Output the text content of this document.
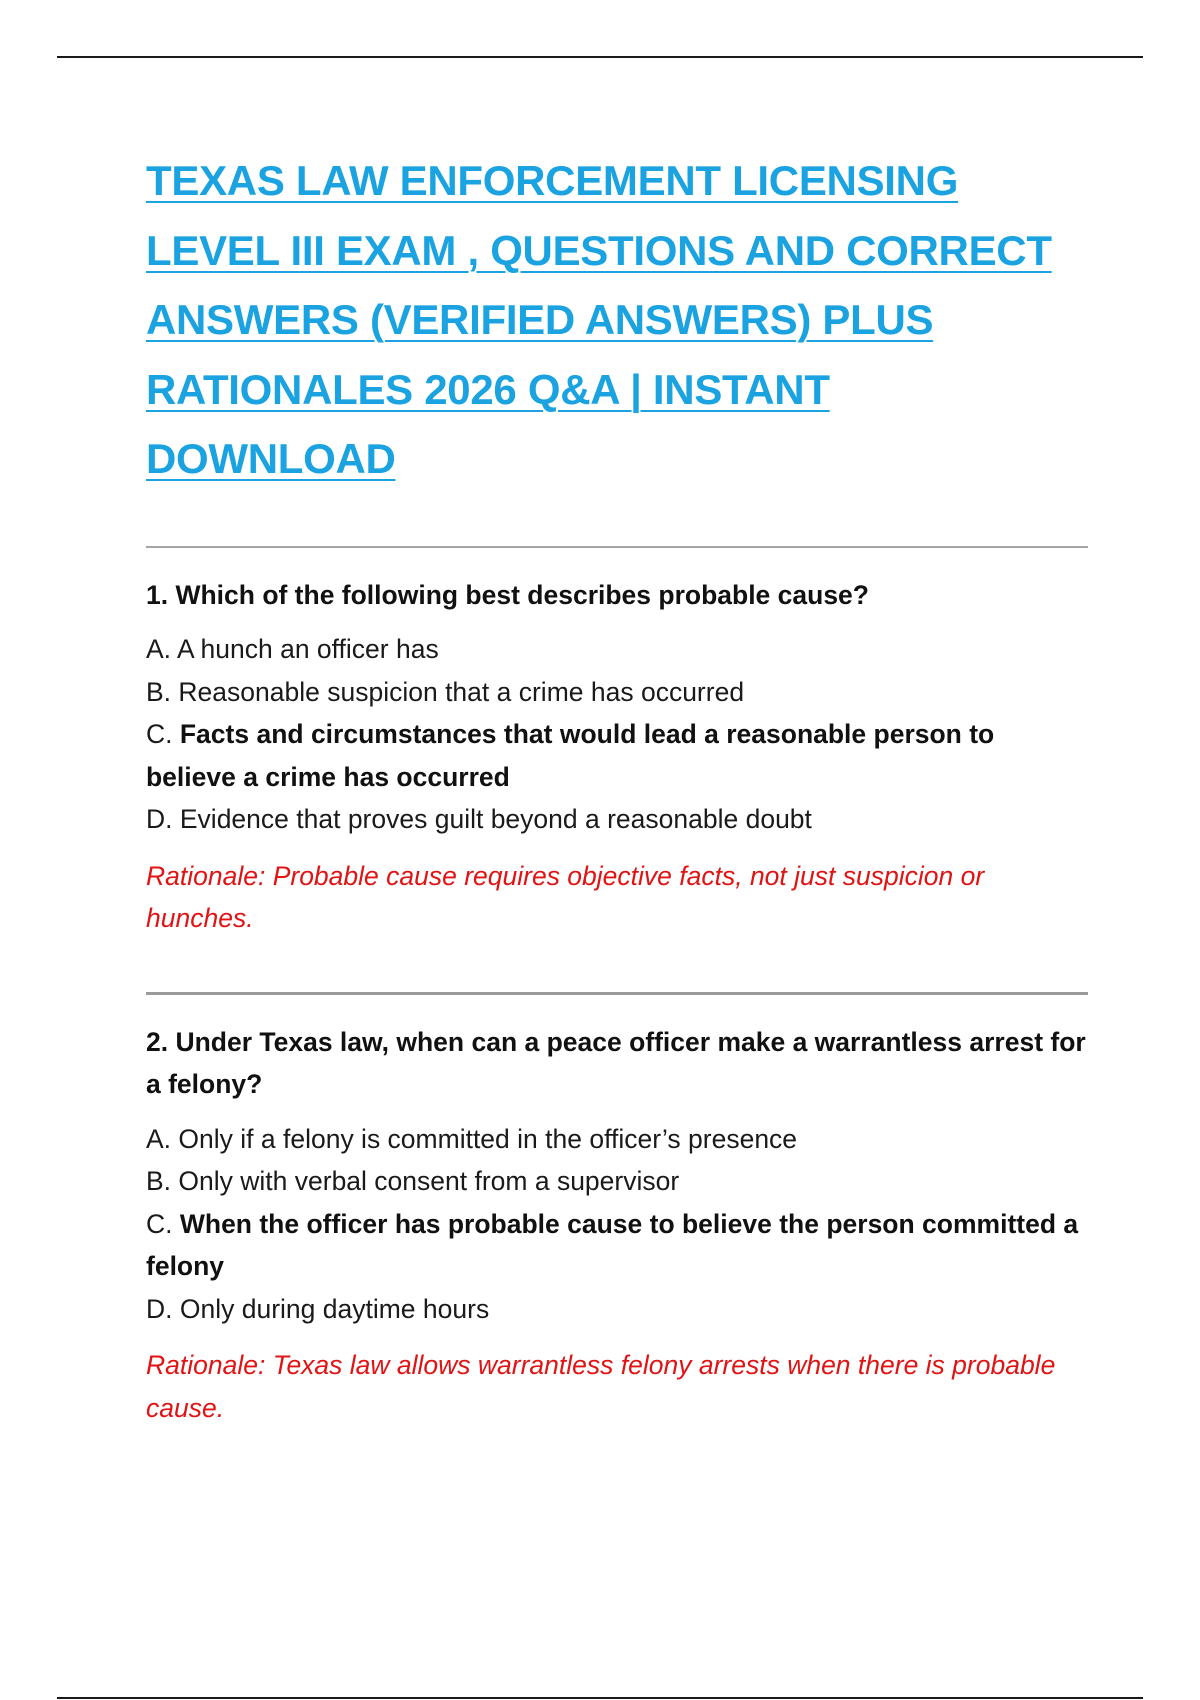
TEXAS LAW ENFORCEMENT LICENSING LEVEL III EXAM , QUESTIONS AND CORRECT ANSWERS (VERIFIED ANSWERS) PLUS RATIONALES 2026 Q&A | INSTANT DOWNLOAD

1. Which of the following best describes probable cause?

A. A hunch an officer has
B. Reasonable suspicion that a crime has occurred
C. Facts and circumstances that would lead a reasonable person to believe a crime has occurred
D. Evidence that proves guilt beyond a reasonable doubt

Rationale: Probable cause requires objective facts, not just suspicion or hunches.

2. Under Texas law, when can a peace officer make a warrantless arrest for a felony?

A. Only if a felony is committed in the officer’s presence
B. Only with verbal consent from a supervisor
C. When the officer has probable cause to believe the person committed a felony
D. Only during daytime hours

Rationale: Texas law allows warrantless felony arrests when there is probable cause.
